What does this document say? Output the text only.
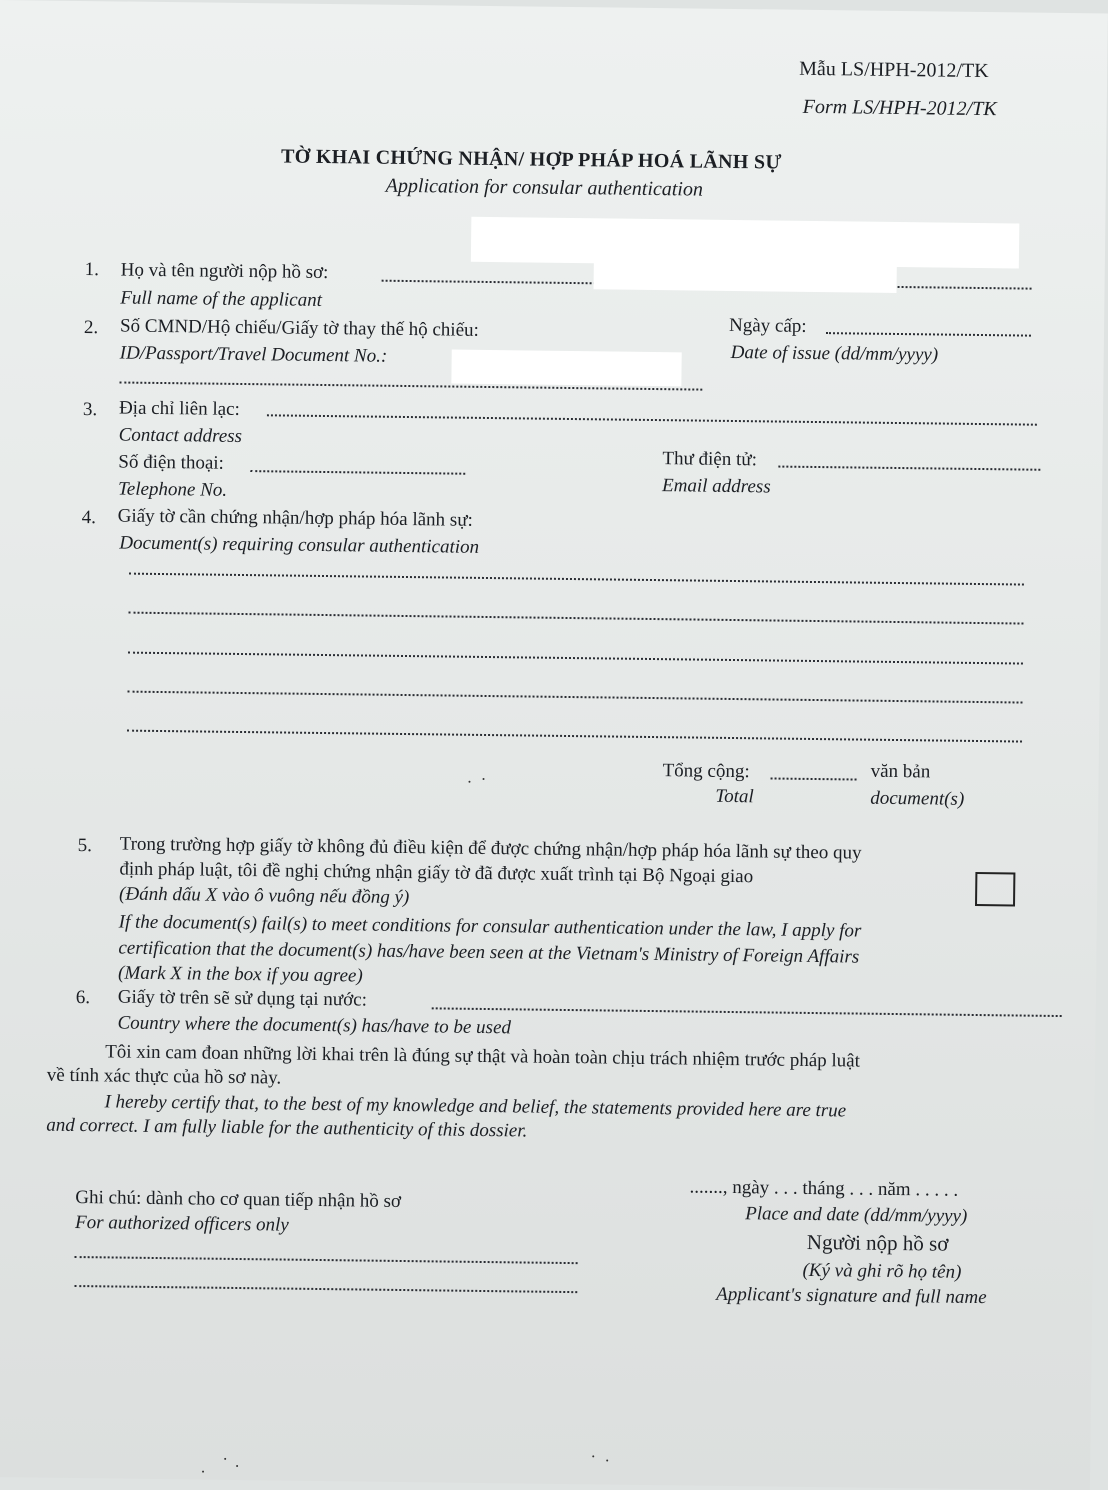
Mẫu LS/HPH-2012/TK
Form LS/HPH-2012/TK
TỜ KHAI CHỨNG NHẬN/ HỢP PHÁP HOÁ LÃNH SỰ
Application for consular authentication
1. Họ và tên người nộp hồ sơ:
Full name of the applicant
2. Số CMND/Hộ chiếu/Giấy tờ thay thế hộ chiếu:
ID/Passport/Travel Document No.:
Ngày cấp:
Date of issue (dd/mm/yyyy)
3. Địa chỉ liên lạc:
Contact address
Số điện thoại:
Telephone No.
Thư điện tử:
Email address
4. Giấy tờ cần chứng nhận/hợp pháp hóa lãnh sự:
Document(s) requiring consular authentication
Tổng cộng:	văn bản
Total	document(s)
5. Trong trường hợp giấy tờ không đủ điều kiện để được chứng nhận/hợp pháp hóa lãnh sự theo quy
định pháp luật, tôi đề nghị chứng nhận giấy tờ đã được xuất trình tại Bộ Ngoại giao
(Đánh dấu X vào ô vuông nếu đồng ý)
If the document(s) fail(s) to meet conditions for consular authentication under the law, I apply for
certification that the document(s) has/have been seen at the Vietnam's Ministry of Foreign Affairs
(Mark X in the box if you agree)
6. Giấy tờ trên sẽ sử dụng tại nước:
Country where the document(s) has/have to be used
Tôi xin cam đoan những lời khai trên là đúng sự thật và hoàn toàn chịu trách nhiệm trước pháp luật
về tính xác thực của hồ sơ này.
I hereby certify that, to the best of my knowledge and belief, the statements provided here are true
and correct. I am fully liable for the authenticity of this dossier.
Ghi chú: dành cho cơ quan tiếp nhận hồ sơ
For authorized officers only
......., ngày . . . tháng . . . năm . . . . .
Place and date (dd/mm/yyyy)
Người nộp hồ sơ
(Ký và ghi rõ họ tên)
Applicant's signature and full name
